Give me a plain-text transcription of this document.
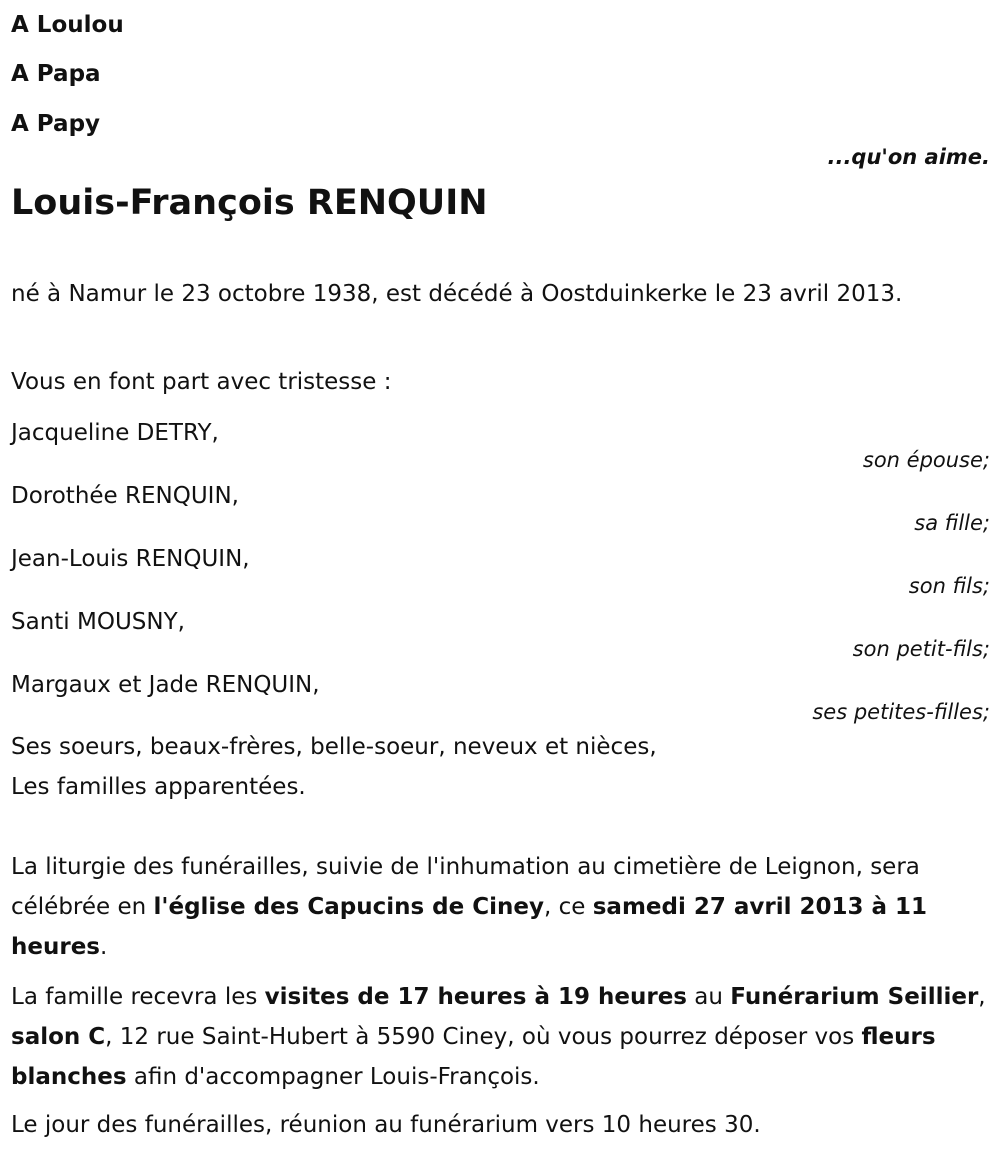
A Loulou
A Papa
A Papy
...qu'on aime.
Louis-François RENQUIN

né à Namur le 23 octobre 1938, est décédé à Oostduinkerke le 23 avril 2013.

Vous en font part avec tristesse :

Jacqueline DETRY,
son épouse;
Dorothée RENQUIN,
sa fille;
Jean-Louis RENQUIN,
son fils;
Santi MOUSNY,
son petit-fils;
Margaux et Jade RENQUIN,
ses petites-filles;

Ses soeurs, beaux-frères, belle-soeur, neveux et nièces,

Les familles apparentées.

La liturgie des funérailles, suivie de l'inhumation au cimetière de Leignon, sera célébrée en l'église des Capucins de Ciney, ce samedi 27 avril 2013 à 11 heures.

La famille recevra les visites de 17 heures à 19 heures au Funérarium Seillier, salon C, 12 rue Saint-Hubert à 5590 Ciney, où vous pourrez déposer vos fleurs blanches afin d'accompagner Louis-François.

Le jour des funérailles, réunion au funérarium vers 10 heures 30.
